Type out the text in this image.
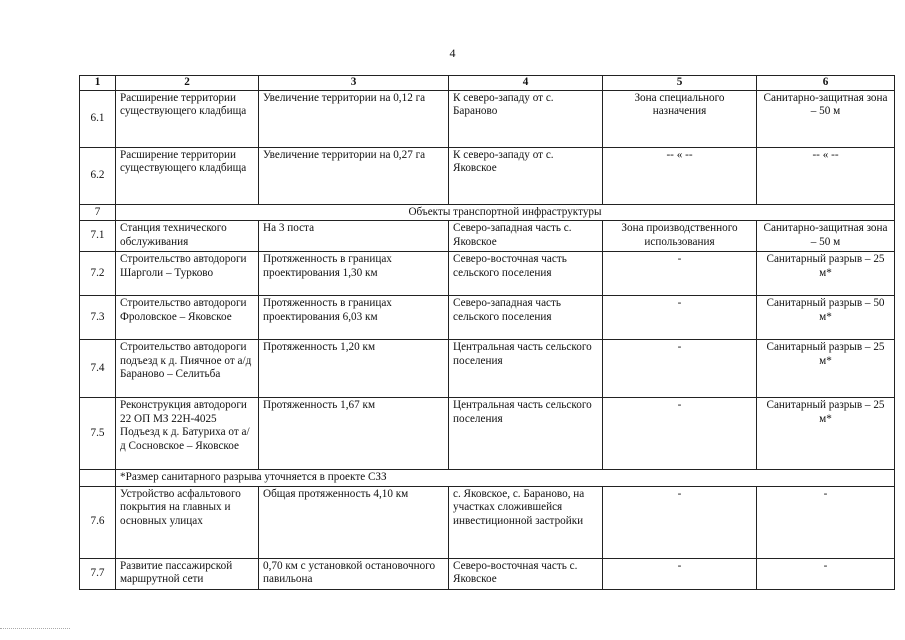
4
1	2	3	4	5	6
6.1	Расширение территории существующего кладбища	Увеличение территории на 0,12 га	К северо-западу от с. Бараново	Зона специального назначения	Санитарно-защитная зона – 50 м
6.2	Расширение территории существующего кладбища	Увеличение территории на 0,27 га	К северо-западу от с. Яковское	-- « --	-- « --
7	Объекты транспортной инфраструктуры				
7.1	Станция технического обслуживания	На 3 поста	Северо-западная часть с. Яковское	Зона производственного использования	Санитарно-защитная зона – 50 м
7.2	Строительство автодороги Шарголи – Турково	Протяженность в границах проектирования 1,30 км	Северо-восточная часть сельского поселения	-	Санитарный разрыв – 25 м*
7.3	Строительство автодороги Фроловское – Яковское	Протяженность в границах проектирования 6,03 км	Северо-западная часть сельского поселения	-	Санитарный разрыв – 50 м*
7.4	Строительство автодороги подъезд к д. Пиячное от а/д Бараново – Селитьба	Протяженность 1,20 км	Центральная часть сельского поселения	-	Санитарный разрыв – 25 м*
7.5	Реконструкция автодороги 22 ОП МЗ 22Н-4025 Подъезд к д. Батуриха от а/д Сосновское – Яковское	Протяженность 1,67 км	Центральная часть сельского поселения	-	Санитарный разрыв – 25 м*
	*Размер санитарного разрыва уточняется в проекте СЗЗ				
7.6	Устройство асфальтового покрытия на главных и основных улицах	Общая протяженность 4,10 км	с. Яковское, с. Бараново, на участках сложившейся инвестиционной застройки	-	-
7.7	Развитие пассажирской маршрутной сети	0,70 км с установкой остановочного павильона	Северо-восточная часть с. Яковское	-	-
